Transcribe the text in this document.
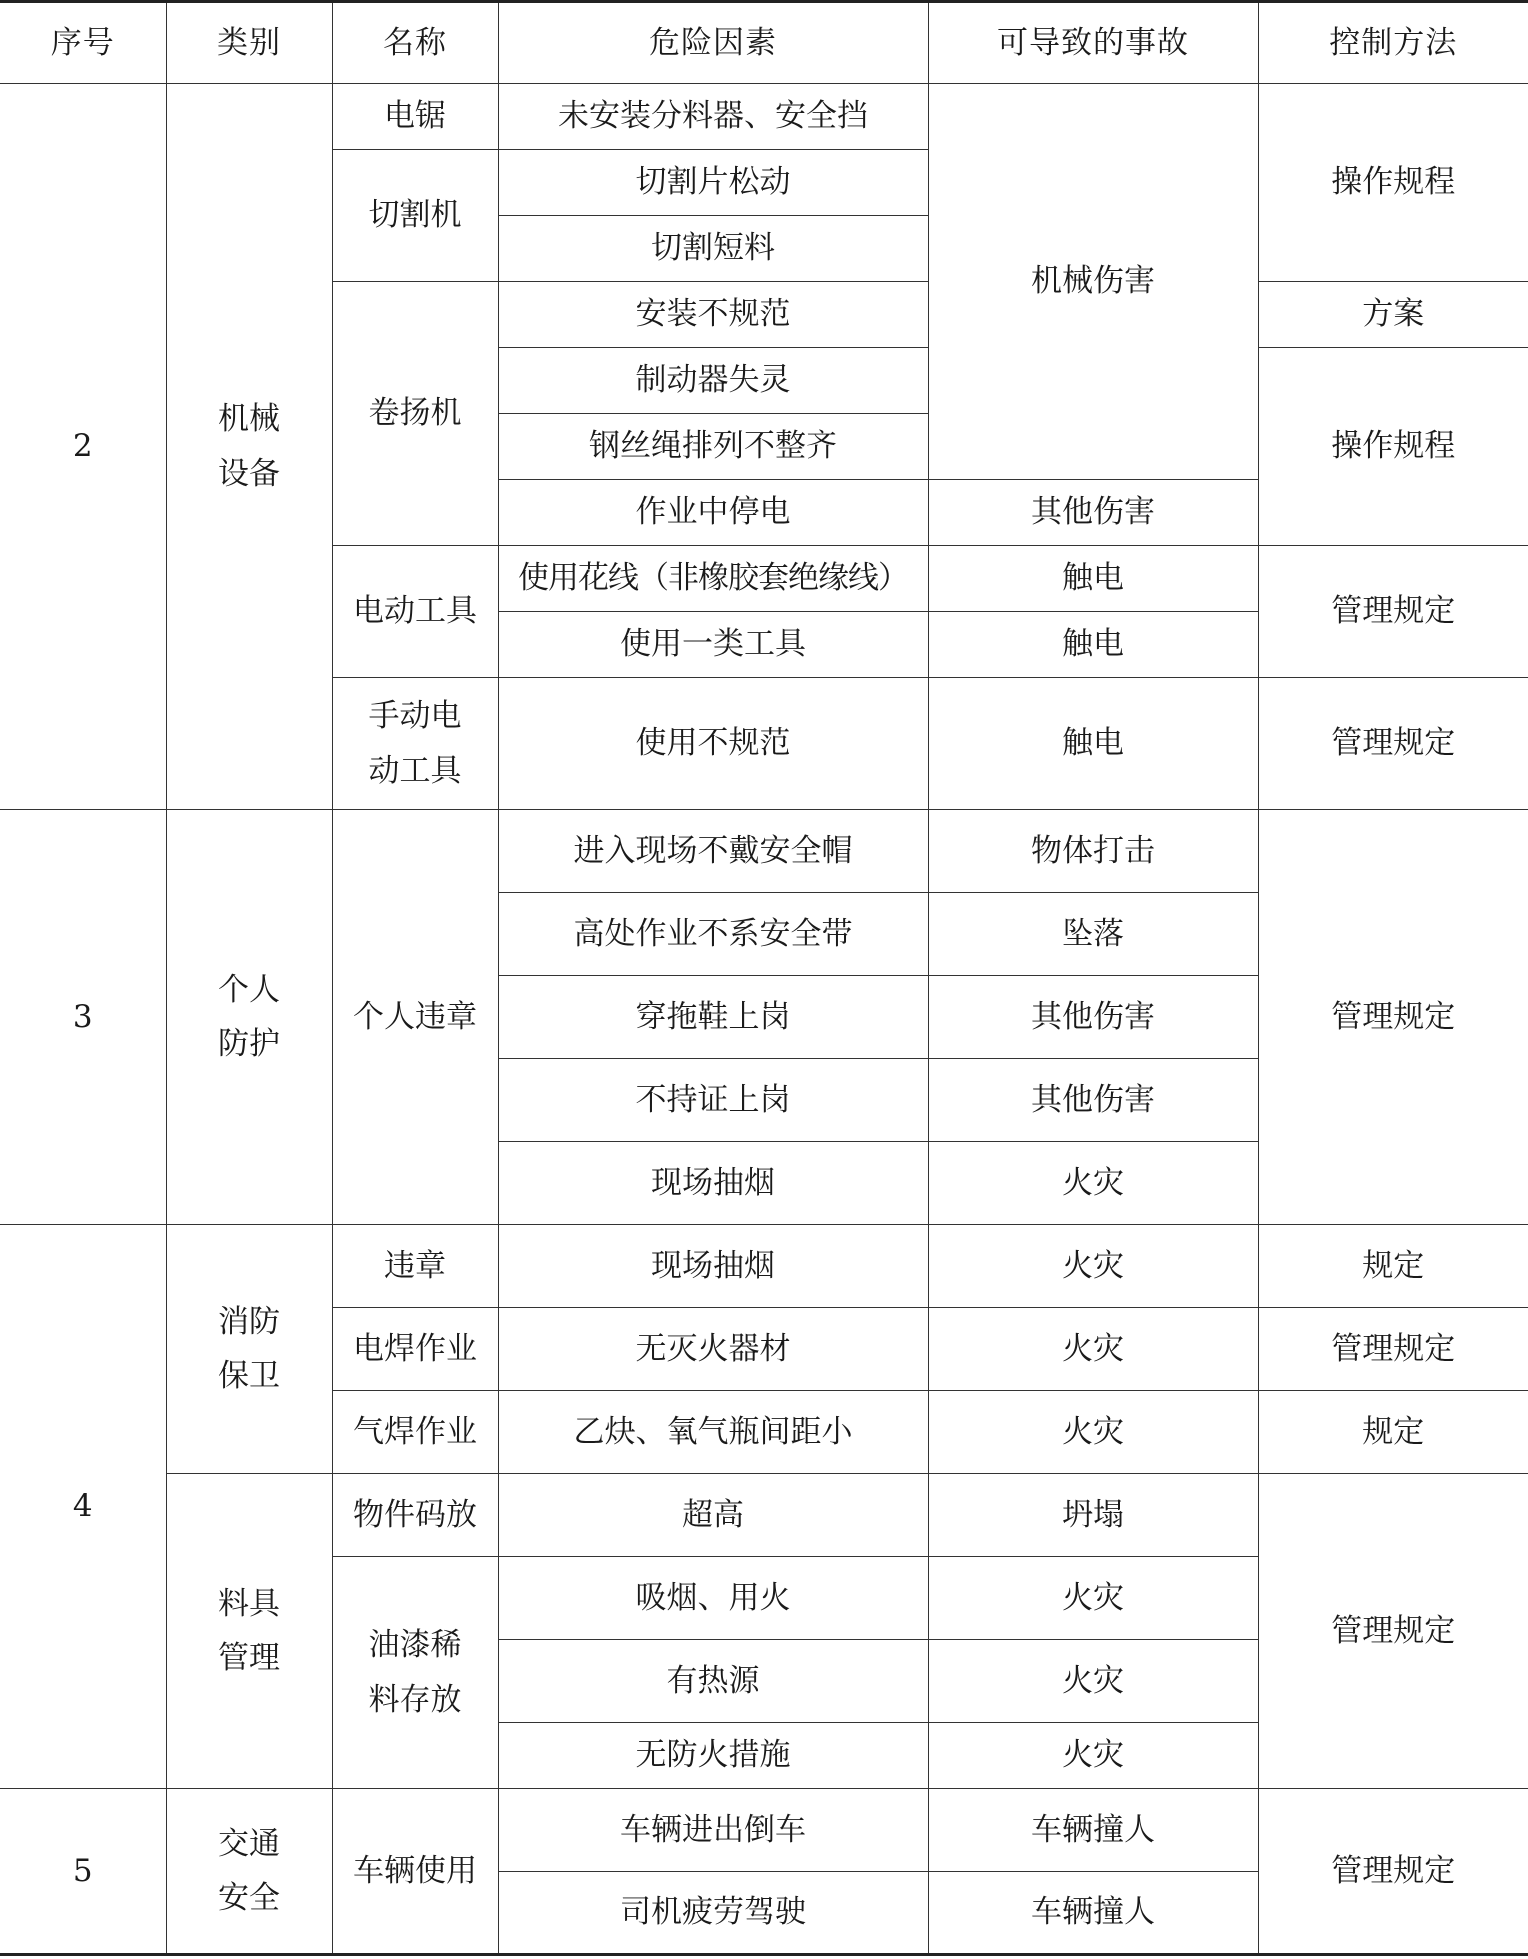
序号	类别	名称	危险因素	可导致的事故	控制方法
2	机械设备	电锯	未安装分料器、安全挡	机械伤害	操作规程
		切割机	切割片松动		
			切割短料		
		卷扬机	安装不规范		方案
			制动器失灵		操作规程
			钢丝绳排列不整齐		
			作业中停电	其他伤害	
		电动工具	使用花线（非橡胶套绝缘线）	触电	管理规定
			使用一类工具	触电	
		手动电动工具	使用不规范	触电	管理规定
3	个人防护	个人违章	进入现场不戴安全帽	物体打击	管理规定
			高处作业不系安全带	坠落	
			穿拖鞋上岗	其他伤害	
			不持证上岗	其他伤害	
			现场抽烟	火灾	
4	消防保卫	违章	现场抽烟	火灾	规定
		电焊作业	无灭火器材	火灾	管理规定
		气焊作业	乙炔、氧气瓶间距小	火灾	规定
	料具管理	物件码放	超高	坍塌	管理规定
		油漆稀料存放	吸烟、用火	火灾	
			有热源	火灾	
			无防火措施	火灾	
5	交通安全	车辆使用	车辆进出倒车	车辆撞人	管理规定
			司机疲劳驾驶	车辆撞人	
